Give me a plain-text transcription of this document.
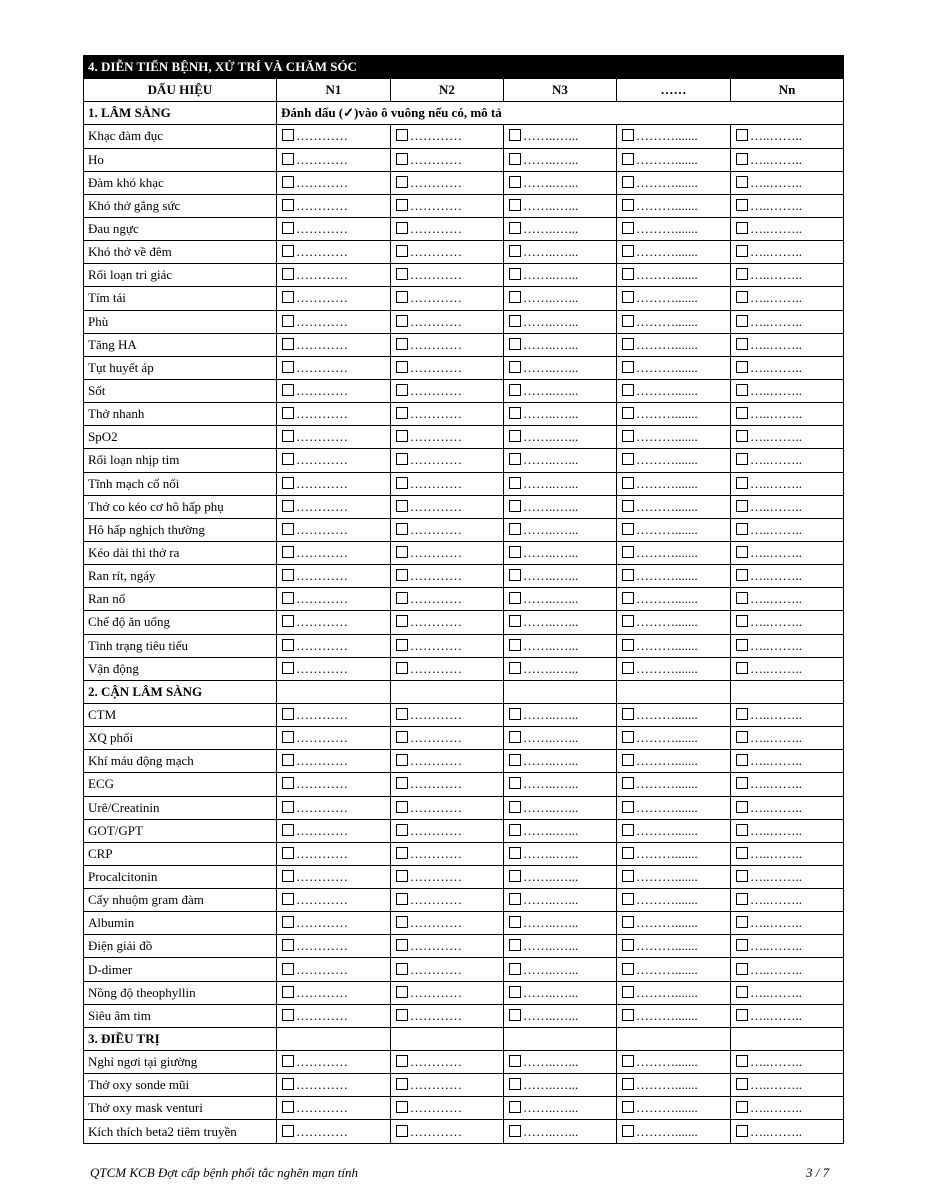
4. DIỄN TIẾN BỆNH, XỬ TRÍ VÀ CHĂM SÓC					
DẤU HIỆU	N1	N2	N3	……	Nn
1. LÂM SÀNG	Đánh dấu (✓)vào ô vuông nếu có, mô tả				
Khạc đàm đục	…………	…………	……..…...	……….......	…..……..
Ho	…………	…………	……..…...	……….......	…..……..
Đàm khó khạc	…………	…………	……..…...	……….......	…..……..
Khó thở gắng sức	…………	…………	……..…...	……….......	…..……..
Đau ngực	…………	…………	……..…...	……….......	…..……..
Khó thở về đêm	…………	…………	……..…...	……….......	…..……..
Rối loạn tri giác	…………	…………	……..…...	……….......	…..……..
Tím tái	…………	…………	……..…...	……….......	…..……..
Phù	…………	…………	……..…...	……….......	…..……..
Tăng HA	…………	…………	……..…...	……….......	…..……..
Tụt huyết áp	…………	…………	……..…...	……….......	…..……..
Sốt	…………	…………	……..…...	……….......	…..……..
Thở nhanh	…………	…………	……..…...	……….......	…..……..
SpO2	…………	…………	……..…...	……….......	…..……..
Rối loạn nhịp tim	…………	…………	……..…...	……….......	…..……..
Tĩnh mạch cổ nổi	…………	…………	……..…...	……….......	…..……..
Thở co kéo cơ hô hấp phụ	…………	…………	……..…...	……….......	…..……..
Hô hấp nghịch thường	…………	…………	……..…...	……….......	…..……..
Kéo dài thì thở ra	…………	…………	……..…...	……….......	…..……..
Ran rít, ngáy	…………	…………	……..…...	……….......	…..……..
Ran nổ	…………	…………	……..…...	……….......	…..……..
Chế độ ăn uống	…………	…………	……..…...	……….......	…..……..
Tình trạng tiêu tiểu	…………	…………	……..…...	……….......	…..……..
Vận động	…………	…………	……..…...	……….......	…..……..
2. CẬN LÂM SÀNG					
CTM	…………	…………	……..…...	……….......	…..……..
XQ phổi	…………	…………	……..…...	……….......	…..……..
Khí máu động mạch	…………	…………	……..…...	……….......	…..……..
ECG	…………	…………	……..…...	……….......	…..……..
Urê/Creatinin	…………	…………	……..…...	……….......	…..……..
GOT/GPT	…………	…………	……..…...	……….......	…..……..
CRP	…………	…………	……..…...	……….......	…..……..
Procalcitonin	…………	…………	……..…...	……….......	…..……..
Cấy nhuộm gram đàm	…………	…………	……..…...	……….......	…..……..
Albumin	…………	…………	……..…...	……….......	…..……..
Điện giải đồ	…………	…………	……..…...	……….......	…..……..
D-dimer	…………	…………	……..…...	……….......	…..……..
Nồng độ theophyllin	…………	…………	……..…...	……….......	…..……..
Siêu âm tim	…………	…………	……..…...	……….......	…..……..
3. ĐIỀU TRỊ					
Nghỉ ngơi tại giường	…………	…………	……..…...	……….......	…..……..
Thở oxy sonde mũi	…………	…………	……..…...	……….......	…..……..
Thở oxy mask venturi	…………	…………	……..…...	……….......	…..……..
Kích thích beta2 tiêm truyền	…………	…………	……..…...	……….......	…..……..
QTCM KCB Đợt cấp bệnh phổi tắc nghẽn mạn tính	3 / 7
